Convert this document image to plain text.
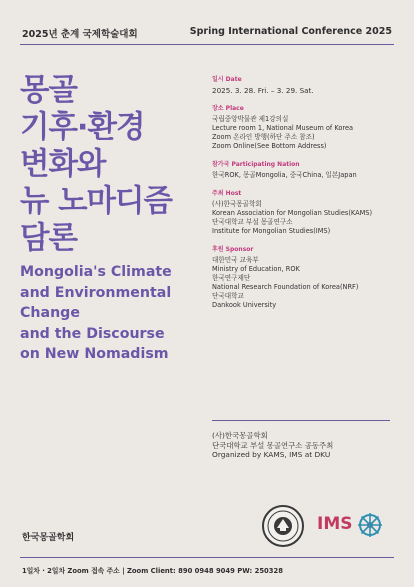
2025년 춘계 국제학술대회	Spring International Conference 2025
몽골
기후·환경
변화와
뉴 노마디즘
담론
Mongolia's Climate
and Environmental
Change
and the Discourse
on New Nomadism
일시 Date
2025. 3. 28. Fri. – 3. 29. Sat.
장소 Place
국립중앙박물관 제1강의실
Lecture room 1, National Museum of Korea
Zoom 온라인 방행(하단 주소 참조)
Zoom Online(See Bottom Address)
참가국 Participating Nation
한국ROK, 몽골Mongolia, 중국China, 일본Japan
주최 Host
(사)한국몽골학회
Korean Association for Mongolian Studies(KAMS)
단국대학교 부설 몽골연구소
Institute for Mongolian Studies(IMS)
후원 Sponsor
대한민국 교육부
Ministry of Education, ROK
한국연구재단
National Research Foundation of Korea(NRF)
단국대학교
Dankook University
(사)한국몽골학회
단국대학교 부설 몽골연구소 공동주최
Organized by KAMS, IMS at DKU
한국몽골학회
IMS
1일차 · 2일차 Zoom 접속 주소 | Zoom Client: 890 0948 9049 PW: 250328
